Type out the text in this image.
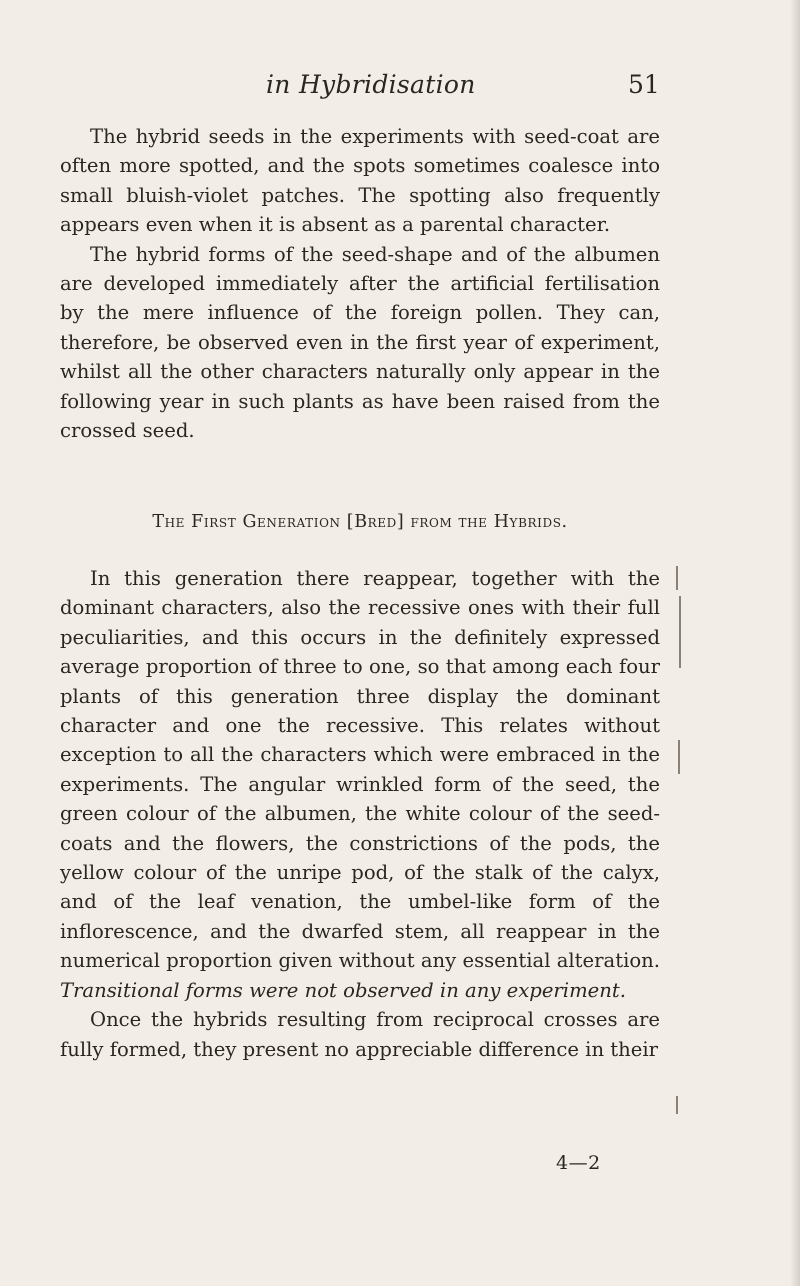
in Hybridisation	51

The hybrid seeds in the experiments with seed-coat are often more spotted, and the spots sometimes coalesce into small bluish-violet patches. The spotting also frequently appears even when it is absent as a parental character.

The hybrid forms of the seed-shape and of the albumen are developed immediately after the artificial fertilisation by the mere influence of the foreign pollen. They can, therefore, be observed even in the first year of experiment, whilst all the other characters naturally only appear in the following year in such plants as have been raised from the crossed seed.

The First Generation [Bred] from the Hybrids.

In this generation there reappear, together with the dominant characters, also the recessive ones with their full peculiarities, and this occurs in the definitely expressed average proportion of three to one, so that among each four plants of this generation three display the dominant character and one the recessive. This relates without exception to all the characters which were embraced in the experiments. The angular wrinkled form of the seed, the green colour of the albumen, the white colour of the seed-coats and the flowers, the constrictions of the pods, the yellow colour of the unripe pod, of the stalk of the calyx, and of the leaf venation, the umbel-like form of the inflorescence, and the dwarfed stem, all reappear in the numerical proportion given without any essential alteration. Transitional forms were not observed in any experiment.

Once the hybrids resulting from reciprocal crosses are fully formed, they present no appreciable difference in their

4—2
